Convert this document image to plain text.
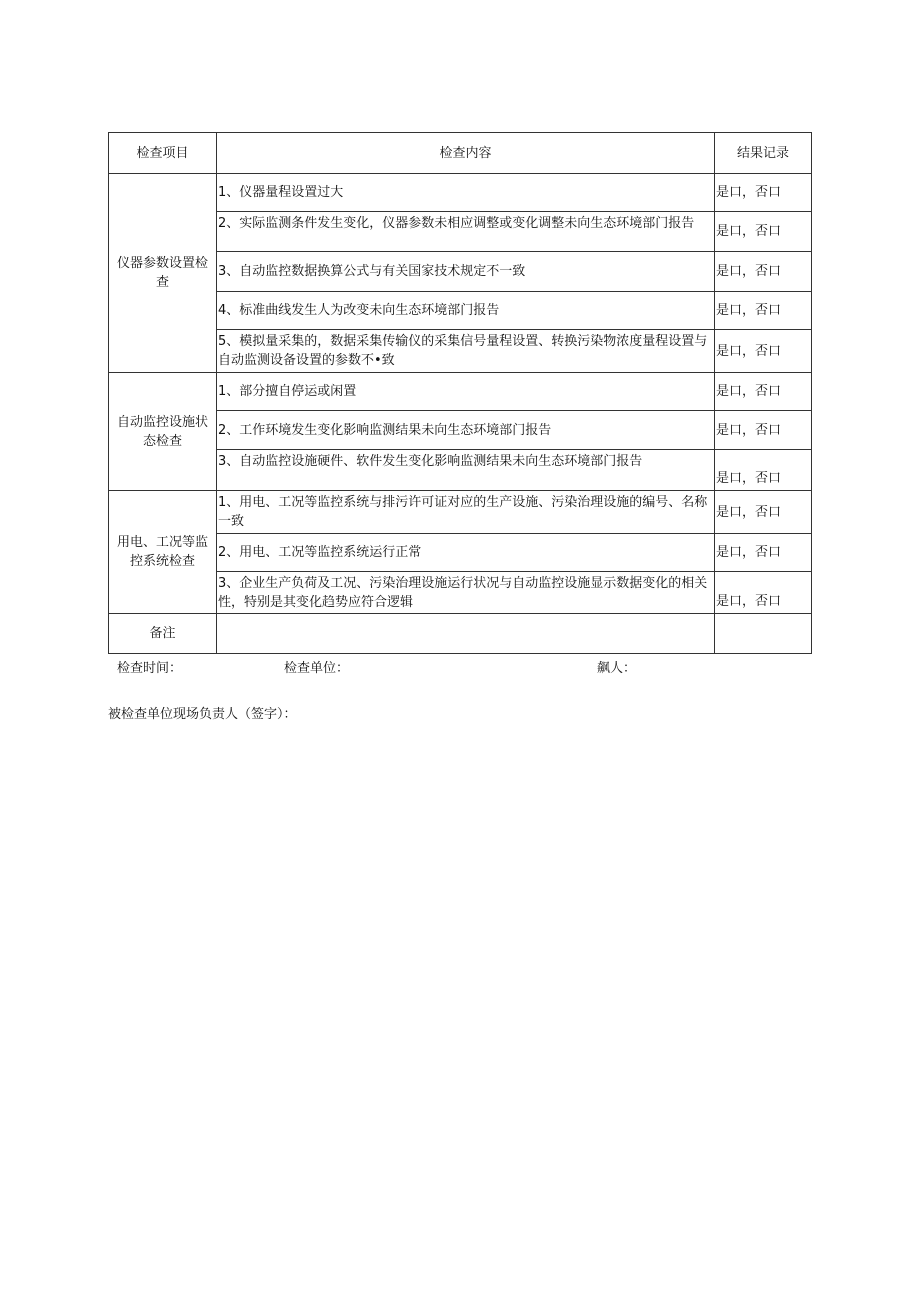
检查项目	检查内容	结果记录
仪器参数设置检查	1、仪器量程设置过大	是口，否口
	2、实际监测条件发生变化，仪器参数未相应调整或变化调整未向生态环境部门报告	是口，否口
	3、自动监控数据换算公式与有关国家技术规定不一致	是口，否口
	4、标准曲线发生人为改变未向生态环境部门报告	是口，否口
	5、模拟量采集的，数据采集传输仪的采集信号量程设置、转换污染物浓度量程设置与自动监测设备设置的参数不•致	是口，否口
自动监控设施状态检查	1、部分擅自停运或闲置	是口，否口
	2、工作环境发生变化影响监测结果未向生态环境部门报告	是口，否口
	3、自动监控设施硬件、软件发生变化影响监测结果未向生态环境部门报告	是口，否口
用电、工况等监控系统检查	1、用电、工况等监控系统与排污许可证对应的生产设施、污染治理设施的编号、名称一致	是口，否口
	2、用电、工况等监控系统运行正常	是口，否口
	3、企业生产负荷及工况、污染治理设施运行状况与自动监控设施显示数据变化的相关性，特别是其变化趋势应符合逻辑	是口，否口
备注		
检查时间：	检查单位：	飙人：
被检查单位现场负责人（签字）：
